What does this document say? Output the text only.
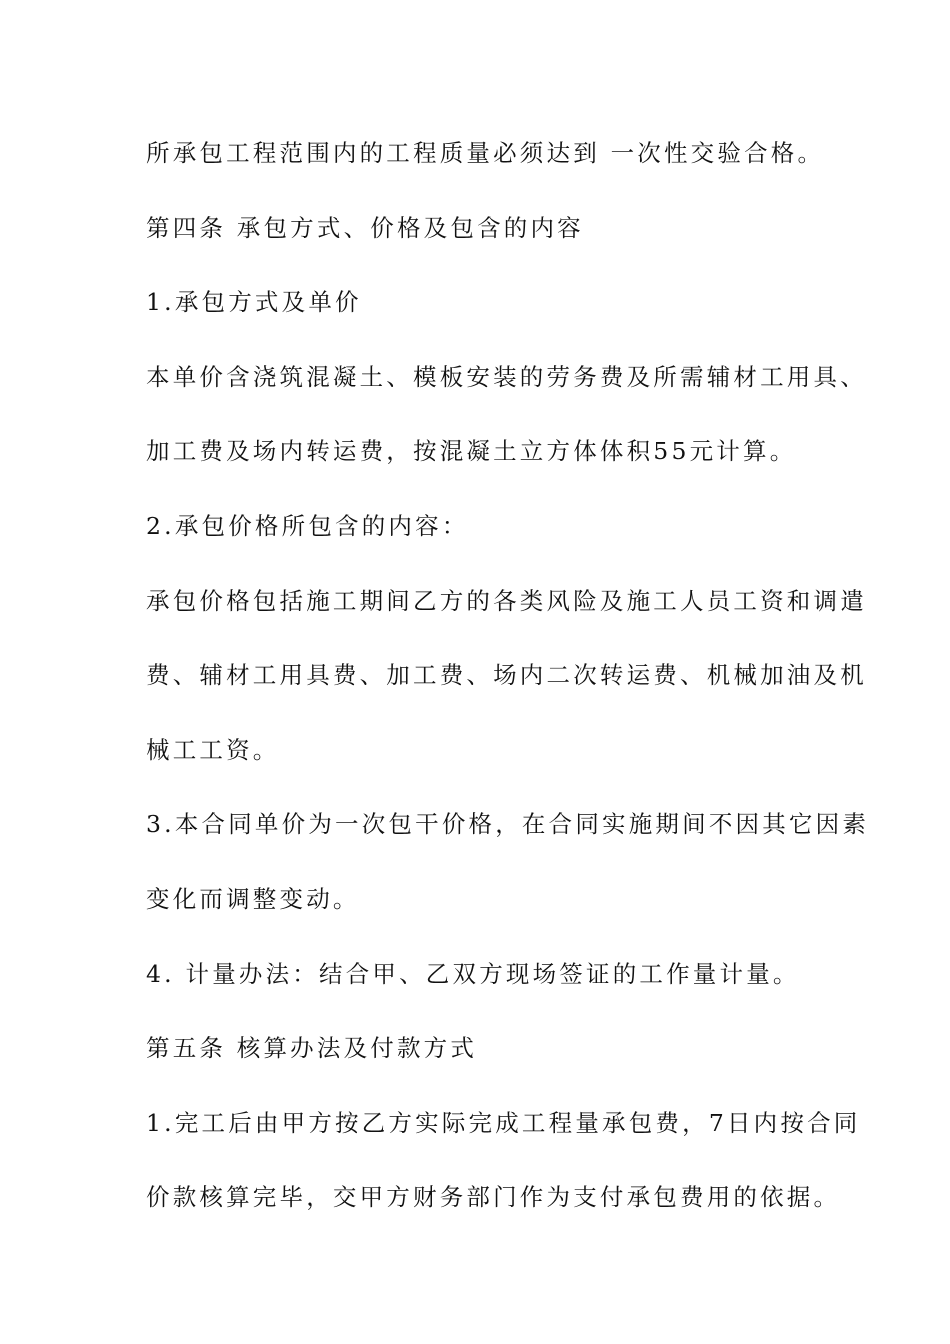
所承包工程范围内的工程质量必须达到 一次性交验合格。
第四条 承包方式、价格及包含的内容
1.承包方式及单价
本单价含浇筑混凝土、模板安装的劳务费及所需辅材工用具、
加工费及场内转运费，按混凝土立方体体积55元计算。
2.承包价格所包含的内容：
承包价格包括施工期间乙方的各类风险及施工人员工资和调遣
费、辅材工用具费、加工费、场内二次转运费、机械加油及机
械工工资。
3.本合同单价为一次包干价格，在合同实施期间不因其它因素
变化而调整变动。
4. 计量办法：结合甲、乙双方现场签证的工作量计量。
第五条 核算办法及付款方式
1.完工后由甲方按乙方实际完成工程量承包费，7日内按合同
价款核算完毕，交甲方财务部门作为支付承包费用的依据。
